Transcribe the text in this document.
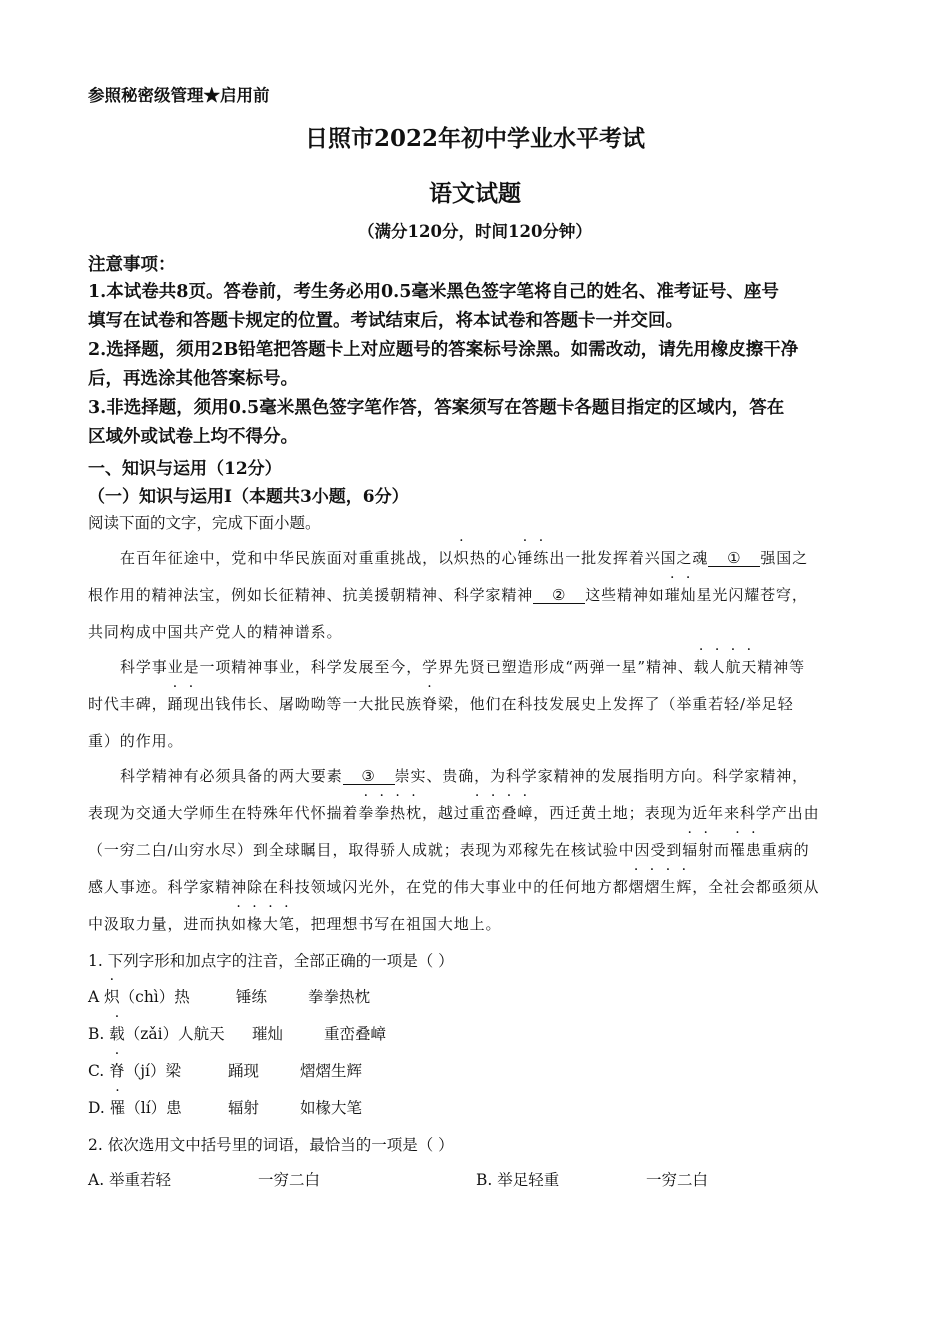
参照秘密级管理★启用前
日照市2022年初中学业水平考试
语文试题
（满分120分，时间120分钟）
注意事项：
1.本试卷共8页。答卷前，考生务必用0.5毫米黑色签字笔将自己的姓名、准考证号、座号
填写在试卷和答题卡规定的位置。考试结束后，将本试卷和答题卡一并交回。
2.选择题，须用2B铅笔把答题卡上对应题号的答案标号涂黑。如需改动，请先用橡皮擦干净
后，再选涂其他答案标号。
3.非选择题，须用0.5毫米黑色签字笔作答，答案须写在答题卡各题目指定的区域内，答在
区域外或试卷上均不得分。
一、知识与运用（12分）
（一）知识与运用Ⅰ（本题共3小题，6分）
阅读下面的文字，完成下面小题。
在百年征途中，党和中华民族面对重重挑战，以炽热的心锤练出一批发挥着兴国之魂 ① 强国之
根作用的精神法宝，例如长征精神、抗美援朝精神、科学家精神 ② 这些精神如璀灿星光闪耀苍穹，
共同构成中国共产党人的精神谱系。
科学事业是一项精神事业，科学发展至今，学界先贤已塑造形成“两弹一星”精神、载人航天精神等
时代丰碑，踊现出钱伟长、屠呦呦等一大批民族脊梁，他们在科技发展史上发挥了（举重若轻/举足轻
重）的作用。
科学精神有必须具备的两大要素 ③ 崇实、贵确，为科学家精神的发展指明方向。科学家精神，
表现为交通大学师生在特殊年代怀揣着拳拳热枕，越过重峦叠嶂，西迁黄土地；表现为近年来科学产出由
（一穷二白/山穷水尽）到全球瞩目，取得骄人成就；表现为邓稼先在核试验中因受到辐射而罹患重病的
感人事迹。科学家精神除在科技领域闪光外，在党的伟大事业中的任何地方都熠熠生辉，全社会都亟须从
中汲取力量，进而执如椽大笔，把理想书写在祖国大地上。
1. 下列字形和加点字的注音，全部正确的一项是（ ）
A 炽（chì）热	锤练	拳拳热枕
B. 载（zǎi）人航天 璀灿	重峦叠嶂
C. 脊（jí）梁	踊现	熠熠生辉
D. 罹（lí）患	辐射	如椽大笔
2. 依次选用文中括号里的词语，最恰当的一项是（ ）
A. 举重若轻	一穷二白	B. 举足轻重	一穷二白
